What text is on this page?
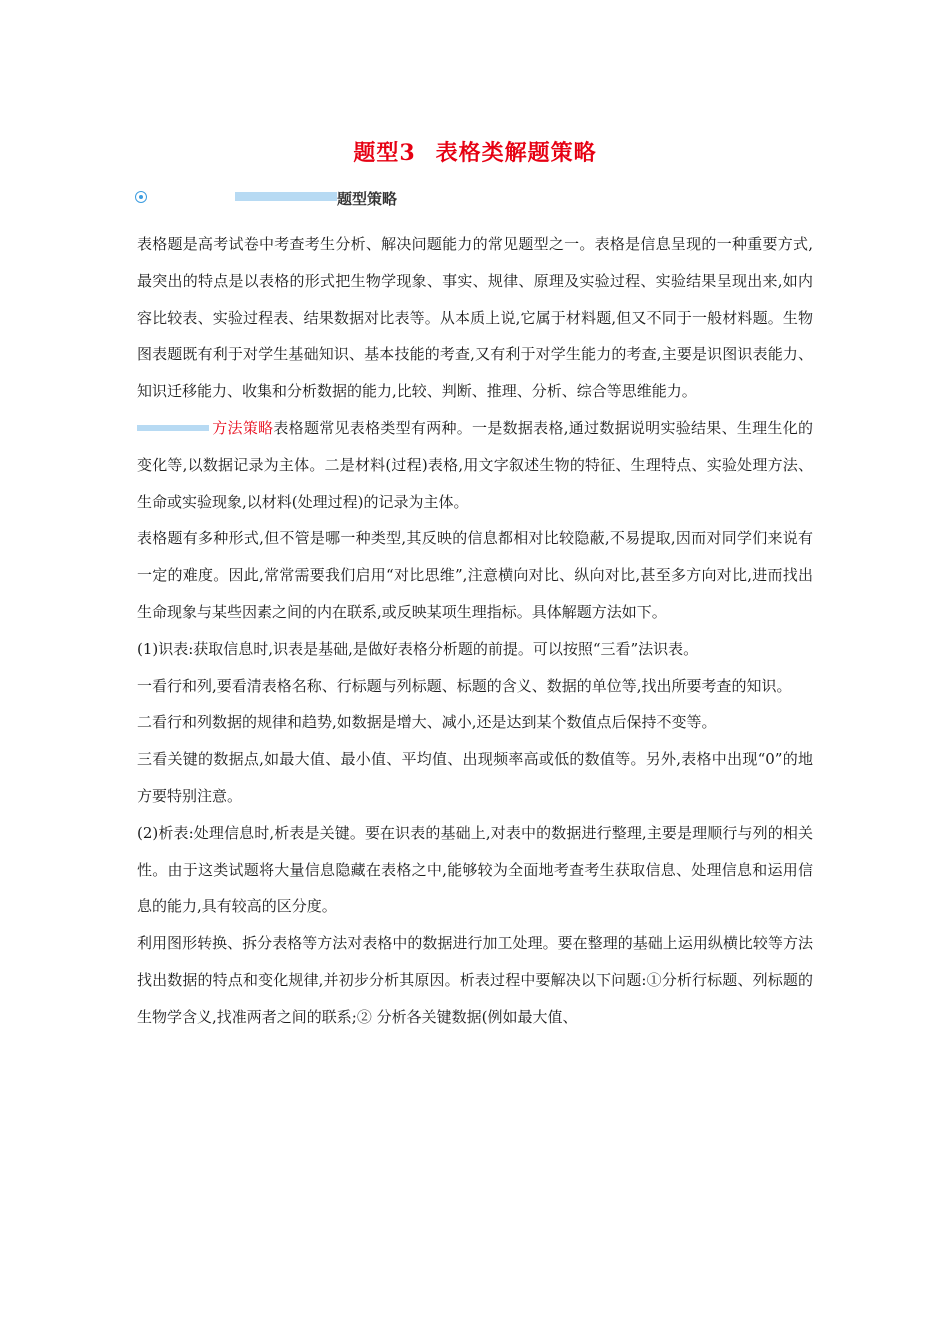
题型3 表格类解题策略
题型策略

表格题是高考试卷中考查考生分析、解决问题能力的常见题型之一。表格是信息呈现的一种重要方式,最突出的特点是以表格的形式把生物学现象、事实、规律、原理及实验过程、实验结果呈现出来,如内容比较表、实验过程表、结果数据对比表等。从本质上说,它属于材料题,但又不同于一般材料题。生物图表题既有利于对学生基础知识、基本技能的考查,又有利于对学生能力的考查,主要是识图识表能力、知识迁移能力、收集和分析数据的能力,比较、判断、推理、分析、综合等思维能力。

方法策略表格题常见表格类型有两种。一是数据表格,通过数据说明实验结果、生理生化的变化等,以数据记录为主体。二是材料(过程)表格,用文字叙述生物的特征、生理特点、实验处理方法、生命或实验现象,以材料(处理过程)的记录为主体。

表格题有多种形式,但不管是哪一种类型,其反映的信息都相对比较隐蔽,不易提取,因而对同学们来说有一定的难度。因此,常常需要我们启用“对比思维”,注意横向对比、纵向对比,甚至多方向对比,进而找出生命现象与某些因素之间的内在联系,或反映某项生理指标。具体解题方法如下。

(1)识表:获取信息时,识表是基础,是做好表格分析题的前提。可以按照“三看”法识表。

一看行和列,要看清表格名称、行标题与列标题、标题的含义、数据的单位等,找出所要考查的知识。

二看行和列数据的规律和趋势,如数据是增大、减小,还是达到某个数值点后保持不变等。

三看关键的数据点,如最大值、最小值、平均值、出现频率高或低的数值等。另外,表格中出现“0”的地方要特别注意。

(2)析表:处理信息时,析表是关键。要在识表的基础上,对表中的数据进行整理,主要是理顺行与列的相关性。由于这类试题将大量信息隐藏在表格之中,能够较为全面地考查考生获取信息、处理信息和运用信息的能力,具有较高的区分度。

利用图形转换、拆分表格等方法对表格中的数据进行加工处理。要在整理的基础上运用纵横比较等方法找出数据的特点和变化规律,并初步分析其原因。析表过程中要解决以下问题:①分析行标题、列标题的生物学含义,找准两者之间的联系;② 分析各关键数据(例如最大值、
